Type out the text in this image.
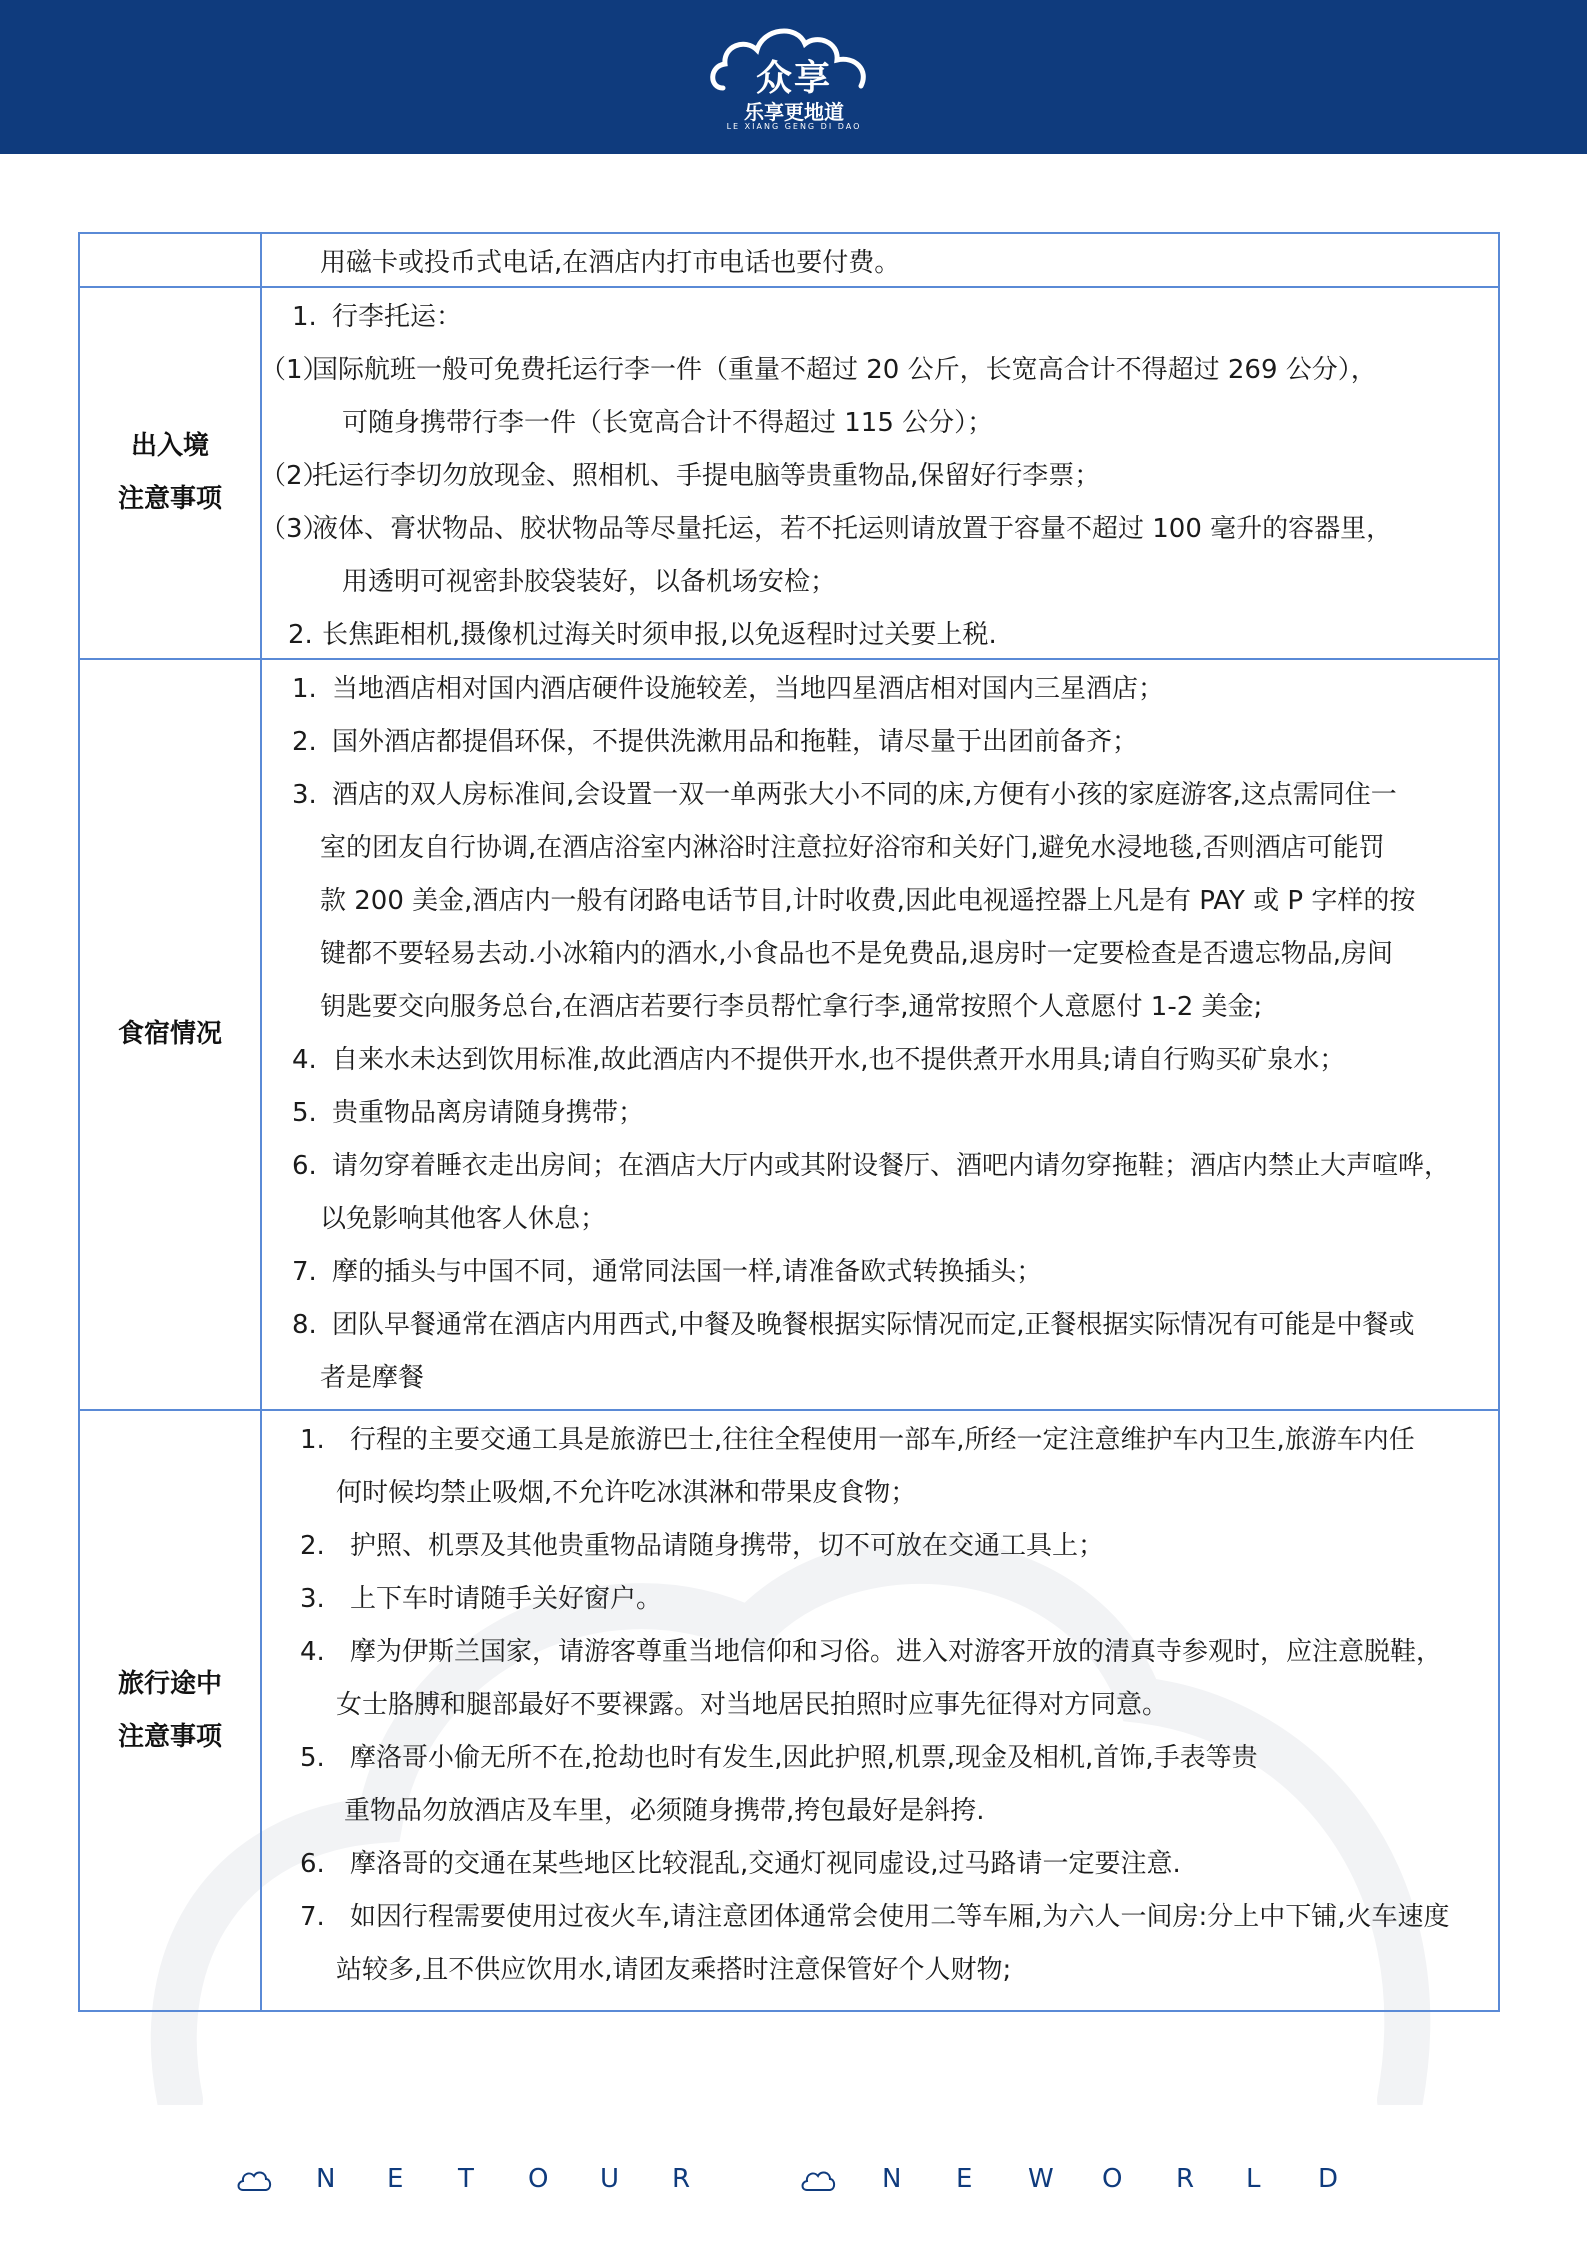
众享
乐享更地道
LE XIANG GENG DI DAO
用磁卡或投币式电话,在酒店内打市电话也要付费。
出入境
注意事项
1. 行李托运：
（1）国际航班一般可免费托运行李一件（重量不超过 20 公斤，长宽高合计不得超过 269 公分），
可随身携带行李一件（长宽高合计不得超过 115 公分）；
（2）托运行李切勿放现金、照相机、手提电脑等贵重物品,保留好行李票；
（3）液体、膏状物品、胶状物品等尽量托运，若不托运则请放置于容量不超过 100 毫升的容器里，
用透明可视密卦胶袋装好，以备机场安检；
2. 长焦距相机,摄像机过海关时须申报,以免返程时过关要上税.
食宿情况
1. 当地酒店相对国内酒店硬件设施较差，当地四星酒店相对国内三星酒店；
2. 国外酒店都提倡环保，不提供洗漱用品和拖鞋，请尽量于出团前备齐；
3. 酒店的双人房标准间,会设置一双一单两张大小不同的床,方便有小孩的家庭游客,这点需同住一
室的团友自行协调,在酒店浴室内淋浴时注意拉好浴帘和关好门,避免水浸地毯,否则酒店可能罚
款 200 美金,酒店内一般有闭路电话节目,计时收费,因此电视遥控器上凡是有 PAY 或 P 字样的按
键都不要轻易去动.小冰箱内的酒水,小食品也不是免费品,退房时一定要检查是否遗忘物品,房间
钥匙要交向服务总台,在酒店若要行李员帮忙拿行李,通常按照个人意愿付 1-2 美金;
4. 自来水未达到饮用标准,故此酒店内不提供开水,也不提供煮开水用具;请自行购买矿泉水；
5. 贵重物品离房请随身携带；
6. 请勿穿着睡衣走出房间；在酒店大厅内或其附设餐厅、酒吧内请勿穿拖鞋；酒店内禁止大声喧哗，
以免影响其他客人休息；
7. 摩的插头与中国不同，通常同法国一样,请准备欧式转换插头；
8. 团队早餐通常在酒店内用西式,中餐及晚餐根据实际情况而定,正餐根据实际情况有可能是中餐或
者是摩餐
旅行途中
注意事项
1. 行程的主要交通工具是旅游巴士,往往全程使用一部车,所经一定注意维护车内卫生,旅游车内任
何时候均禁止吸烟,不允许吃冰淇淋和带果皮食物；
2. 护照、机票及其他贵重物品请随身携带，切不可放在交通工具上；
3. 上下车时请随手关好窗户。
4. 摩为伊斯兰国家，请游客尊重当地信仰和习俗。进入对游客开放的清真寺参观时，应注意脱鞋，
女士胳膊和腿部最好不要裸露。对当地居民拍照时应事先征得对方同意。
5. 摩洛哥小偷无所不在,抢劫也时有发生,因此护照,机票,现金及相机,首饰,手表等贵
重物品勿放酒店及车里，必须随身携带,挎包最好是斜挎.
6. 摩洛哥的交通在某些地区比较混乱,交通灯视同虚设,过马路请一定要注意.
7. 如因行程需要使用过夜火车,请注意团体通常会使用二等车厢,为六人一间房:分上中下铺,火车速度
站较多,且不供应饮用水,请团友乘搭时注意保管好个人财物;
N E T O U R	N E W O R L D
